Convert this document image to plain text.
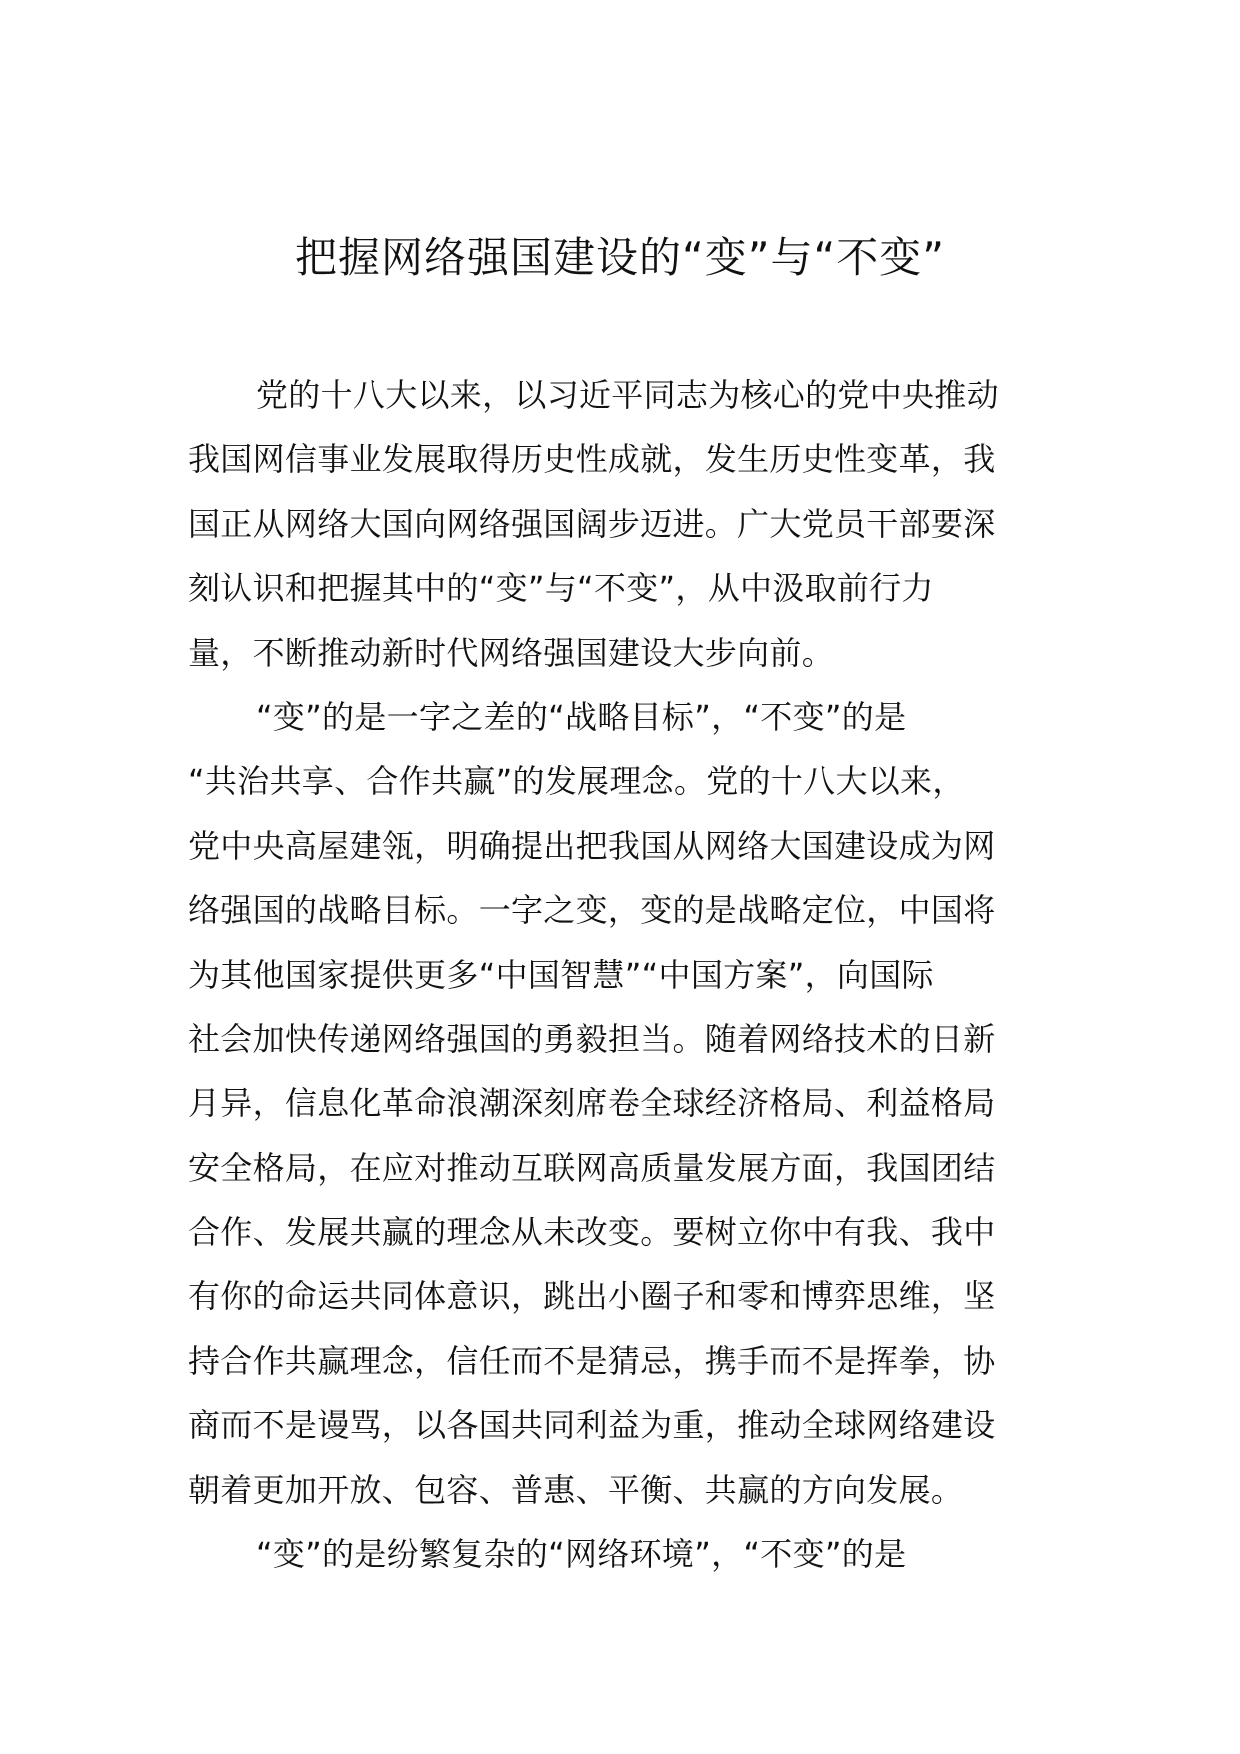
把握网络强国建设的“变”与“不变”
党的十八大以来，以习近平同志为核心的党中央推动
我国网信事业发展取得历史性成就，发生历史性变革，我
国正从网络大国向网络强国阔步迈进。广大党员干部要深
刻认识和把握其中的“变”与“不变”，从中汲取前行力
量，不断推动新时代网络强国建设大步向前。
“变”的是一字之差的“战略目标”，“不变”的是
“共治共享、合作共赢”的发展理念。党的十八大以来，
党中央高屋建瓴，明确提出把我国从网络大国建设成为网
络强国的战略目标。一字之变，变的是战略定位，中国将
为其他国家提供更多“中国智慧”“中国方案”，向国际
社会加快传递网络强国的勇毅担当。随着网络技术的日新
月异，信息化革命浪潮深刻席卷全球经济格局、利益格局
安全格局，在应对推动互联网高质量发展方面，我国团结
合作、发展共赢的理念从未改变。要树立你中有我、我中
有你的命运共同体意识，跳出小圈子和零和博弈思维，坚
持合作共赢理念，信任而不是猜忌，携手而不是挥拳，协
商而不是谩骂，以各国共同利益为重，推动全球网络建设
朝着更加开放、包容、普惠、平衡、共赢的方向发展。
“变”的是纷繁复杂的“网络环境”，“不变”的是
